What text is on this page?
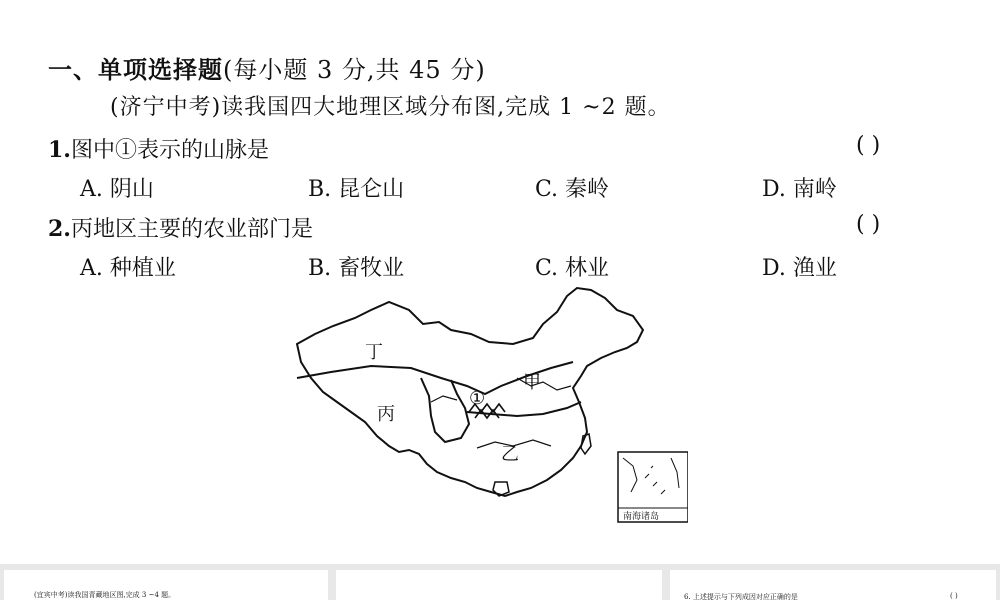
一、单项选择题(每小题 3 分,共 45 分)
(济宁中考)读我国四大地理区域分布图,完成 1 ~2 题。
1.图中①表示的山脉是	( )
A. 阴山	B. 昆仑山	C. 秦岭	D. 南岭
2.丙地区主要的农业部门是	( )
A. 种植业	B. 畜牧业	C. 林业	D. 渔业
丁
甲
丙
乙
①
南海诸岛
(宜宾中考)读我国青藏地区图,完成 3 ~4 题。	6. 上述提示与下列成因对应正确的是	( )
